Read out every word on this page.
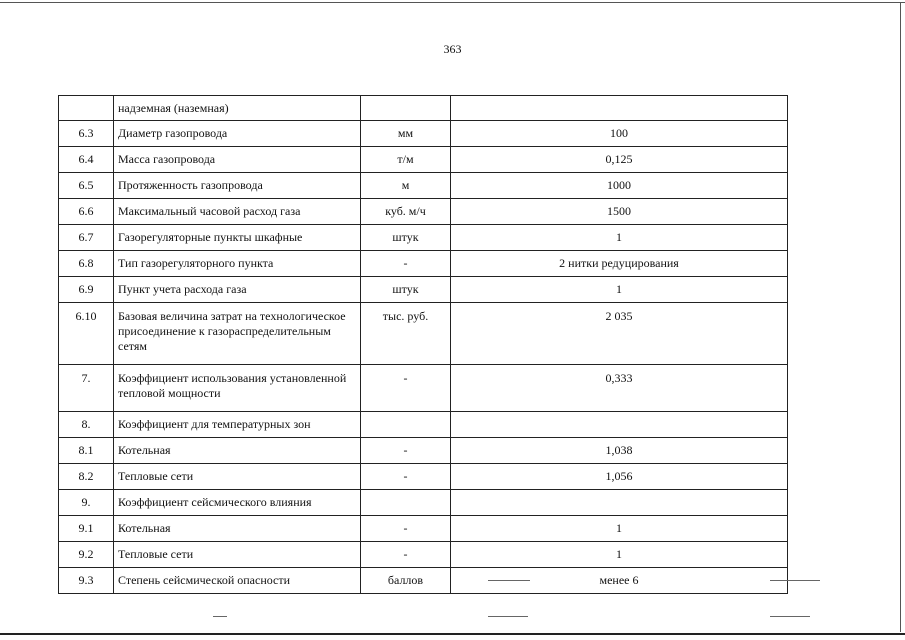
363
	надземная (наземная)		
6.3	Диаметр газопровода	мм	100
6.4	Масса газопровода	т/м	0,125
6.5	Протяженность газопровода	м	1000
6.6	Максимальный часовой расход газа	куб. м/ч	1500
6.7	Газорегуляторные пункты шкафные	штук	1
6.8	Тип газорегуляторного пункта	-	2 нитки редуцирования
6.9	Пункт учета расхода газа	штук	1
6.10	Базовая величина затрат на технологическое присоединение к газораспределительным сетям	тыс. руб.	2 035
7.	Коэффициент использования установленной тепловой мощности	-	0,333
8.	Коэффициент для температурных зон		
8.1	Котельная	-	1,038
8.2	Тепловые сети	-	1,056
9.	Коэффициент сейсмического влияния		
9.1	Котельная	-	1
9.2	Тепловые сети	-	1
9.3	Степень сейсмической опасности	баллов	менее 6
